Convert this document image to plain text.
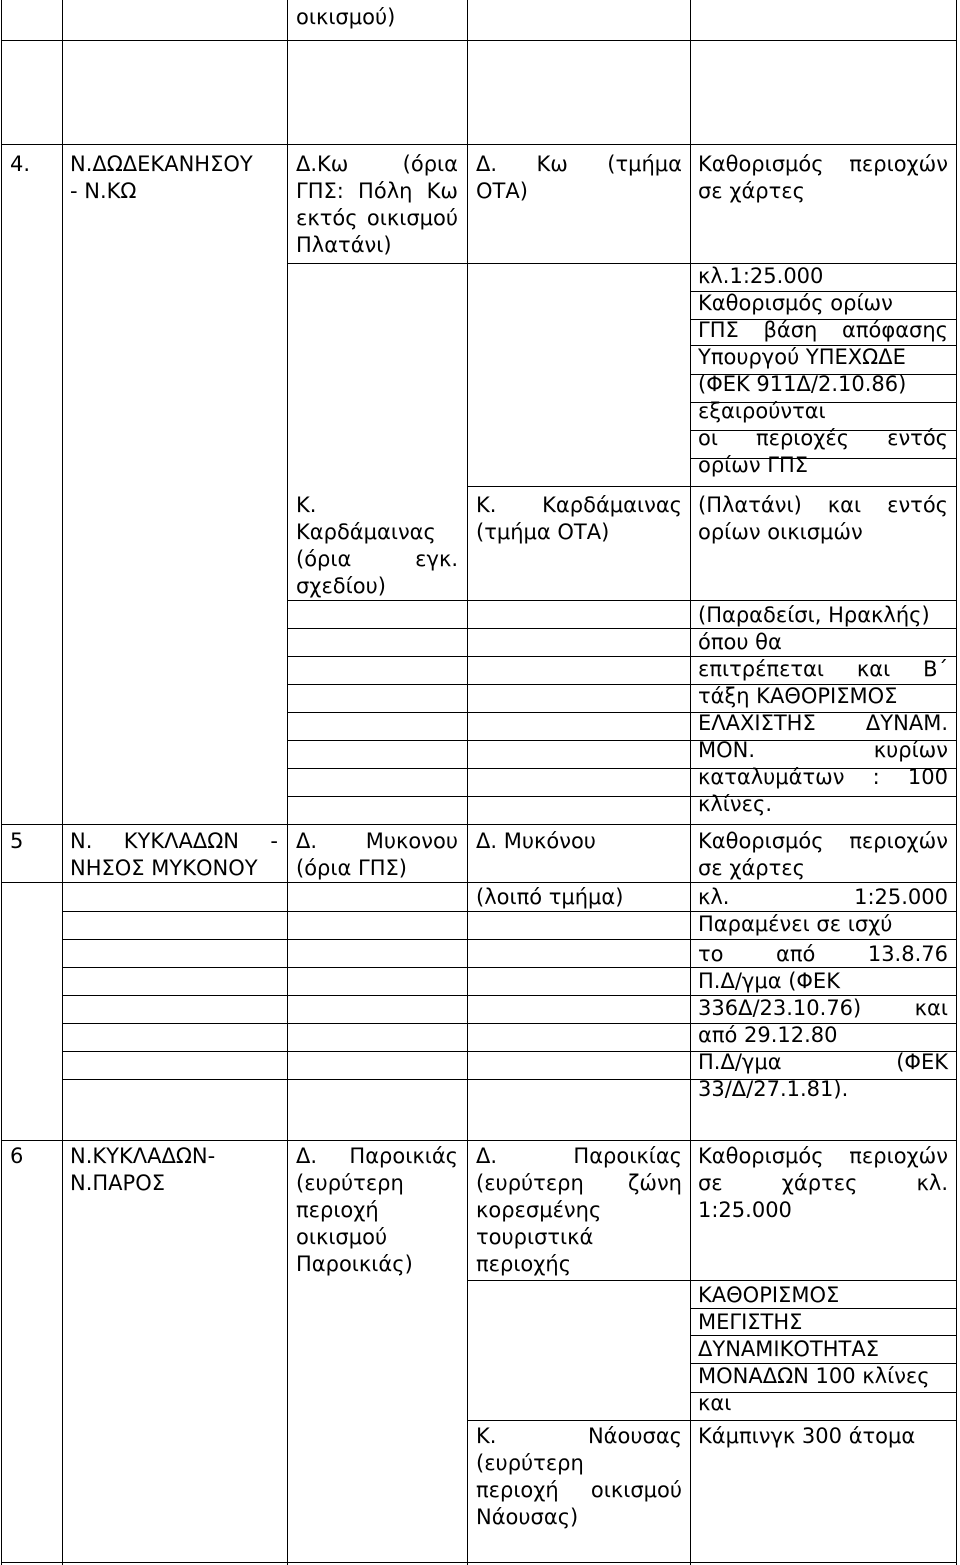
οικισμού)
4. Ν.ΔΩΔΕΚΑΝΗΣΟΥ
- Ν.ΚΩ
Δ.Κω (όρια
ΓΠΣ: Πόλη Κω
εκτός οικισμού
Πλατάνι)
Δ. Κω (τμήμα
ΟΤΑ)
Καθορισμός περιοχών
σε χάρτες
κλ.1:25.000
Καθορισμός ορίων
ΓΠΣ βάση απόφασης
Υπουργού ΥΠΕΧΩΔΕ
(ΦΕΚ 911Δ/2.10.86)
εξαιρούνται
οι περιοχές εντός
ορίων ΓΠΣ
Κ.
Καρδάμαινας
(όρια εγκ.
σχεδίου)
Κ. Καρδάμαινας
(τμήμα ΟΤΑ)
(Πλατάνι) και εντός
ορίων οικισμών
(Παραδείσι, Ηρακλής)
όπου θα
επιτρέπεται και Β΄
τάξη ΚΑΘΟΡΙΣΜΟΣ
ΕΛΑΧΙΣΤΗΣ ΔΥΝΑΜ.
ΜΟΝ. κυρίων
καταλυμάτων : 100
κλίνες.
5 Ν. ΚΥΚΛΑΔΩΝ -
ΝΗΣΟΣ ΜΥΚΟΝΟΥ
Δ. Μυκονου
(όρια ΓΠΣ)
Δ. Μυκόνου	Καθορισμός περιοχών
σε χάρτες
(λοιπό τμήμα)	κλ. 1:25.000
Παραμένει σε ισχύ
το από 13.8.76
Π.Δ/γμα (ΦΕΚ
336Δ/23.10.76) και
από 29.12.80
Π.Δ/γμα (ΦΕΚ
33/Δ/27.1.81).
6 Ν.ΚΥΚΛΑΔΩΝ-
Ν.ΠΑΡΟΣ
Δ. Παροικιάς
(ευρύτερη
περιοχή
οικισμού
Παροικιάς)
Δ. Παροικίας
(ευρύτερη ζώνη
κορεσμένης
τουριστικά
περιοχής
Καθορισμός περιοχών
σε χάρτες κλ.
1:25.000
ΚΑΘΟΡΙΣΜΟΣ
ΜΕΓΙΣΤΗΣ
ΔΥΝΑΜΙΚΟΤΗΤΑΣ
ΜΟΝΑΔΩΝ 100 κλίνες
και
Κ. Νάουσας
(ευρύτερη
περιοχή οικισμού
Νάουσας)
Κάμπινγκ 300 άτομα
